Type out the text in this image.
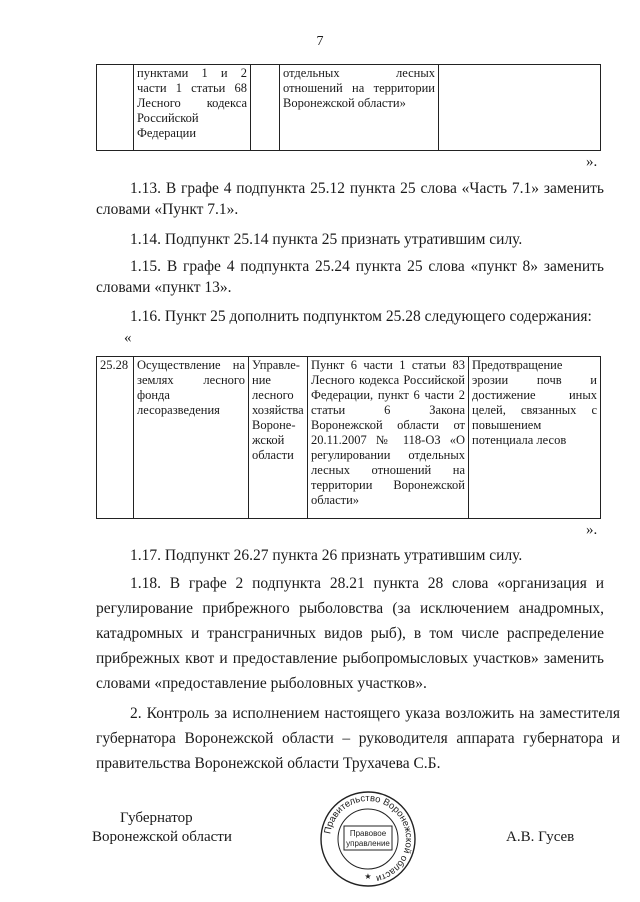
7
	пунктами 1 и 2 части 1 статьи 68 Лесного кодекса Российской Федерации		отдельных лесных отношений на территории Воронежской области»	
».
1.13. В графе 4 подпункта 25.12 пункта 25 слова «Часть 7.1» заменить словами «Пункт 7.1».
1.14. Подпункт 25.14 пункта 25 признать утратившим силу.
1.15. В графе 4 подпункта 25.24 пункта 25 слова «пункт 8» заменить словами «пункт 13».
1.16. Пункт 25 дополнить подпунктом 25.28 следующего содержания:
«
25.28	Осуществление на землях лесного фонда лесоразведения	Управле-ние лесного хозяйства Вороне-жской области	Пункт 6 части 1 статьи 83 Лесного кодекса Российской Федерации, пункт 6 части 2 статьи 6 Закона Воронежской области от 20.11.2007 № 118-ОЗ «О регулировании отдельных лесных отношений на территории Воронежской области»	Предотвращение эрозии почв и достижение иных целей, связанных с повышением потенциала лесов
».
1.17. Подпункт 26.27 пункта 26 признать утратившим силу.
1.18. В графе 2 подпункта 28.21 пункта 28 слова «организация и регулирование прибрежного рыболовства (за исключением анадромных, катадромных и трансграничных видов рыб), в том числе распределение прибрежных квот и предоставление рыбопромысловых участков» заменить словами «предоставление рыболовных участков».
2. Контроль за исполнением настоящего указа возложить на заместителя губернатора Воронежской области – руководителя аппарата губернатора и правительства Воронежской области Трухачева С.Б.
Губернатор
Воронежской области	А.В. Гусев
Правительство Воронежской области
Правовое
управление
★
